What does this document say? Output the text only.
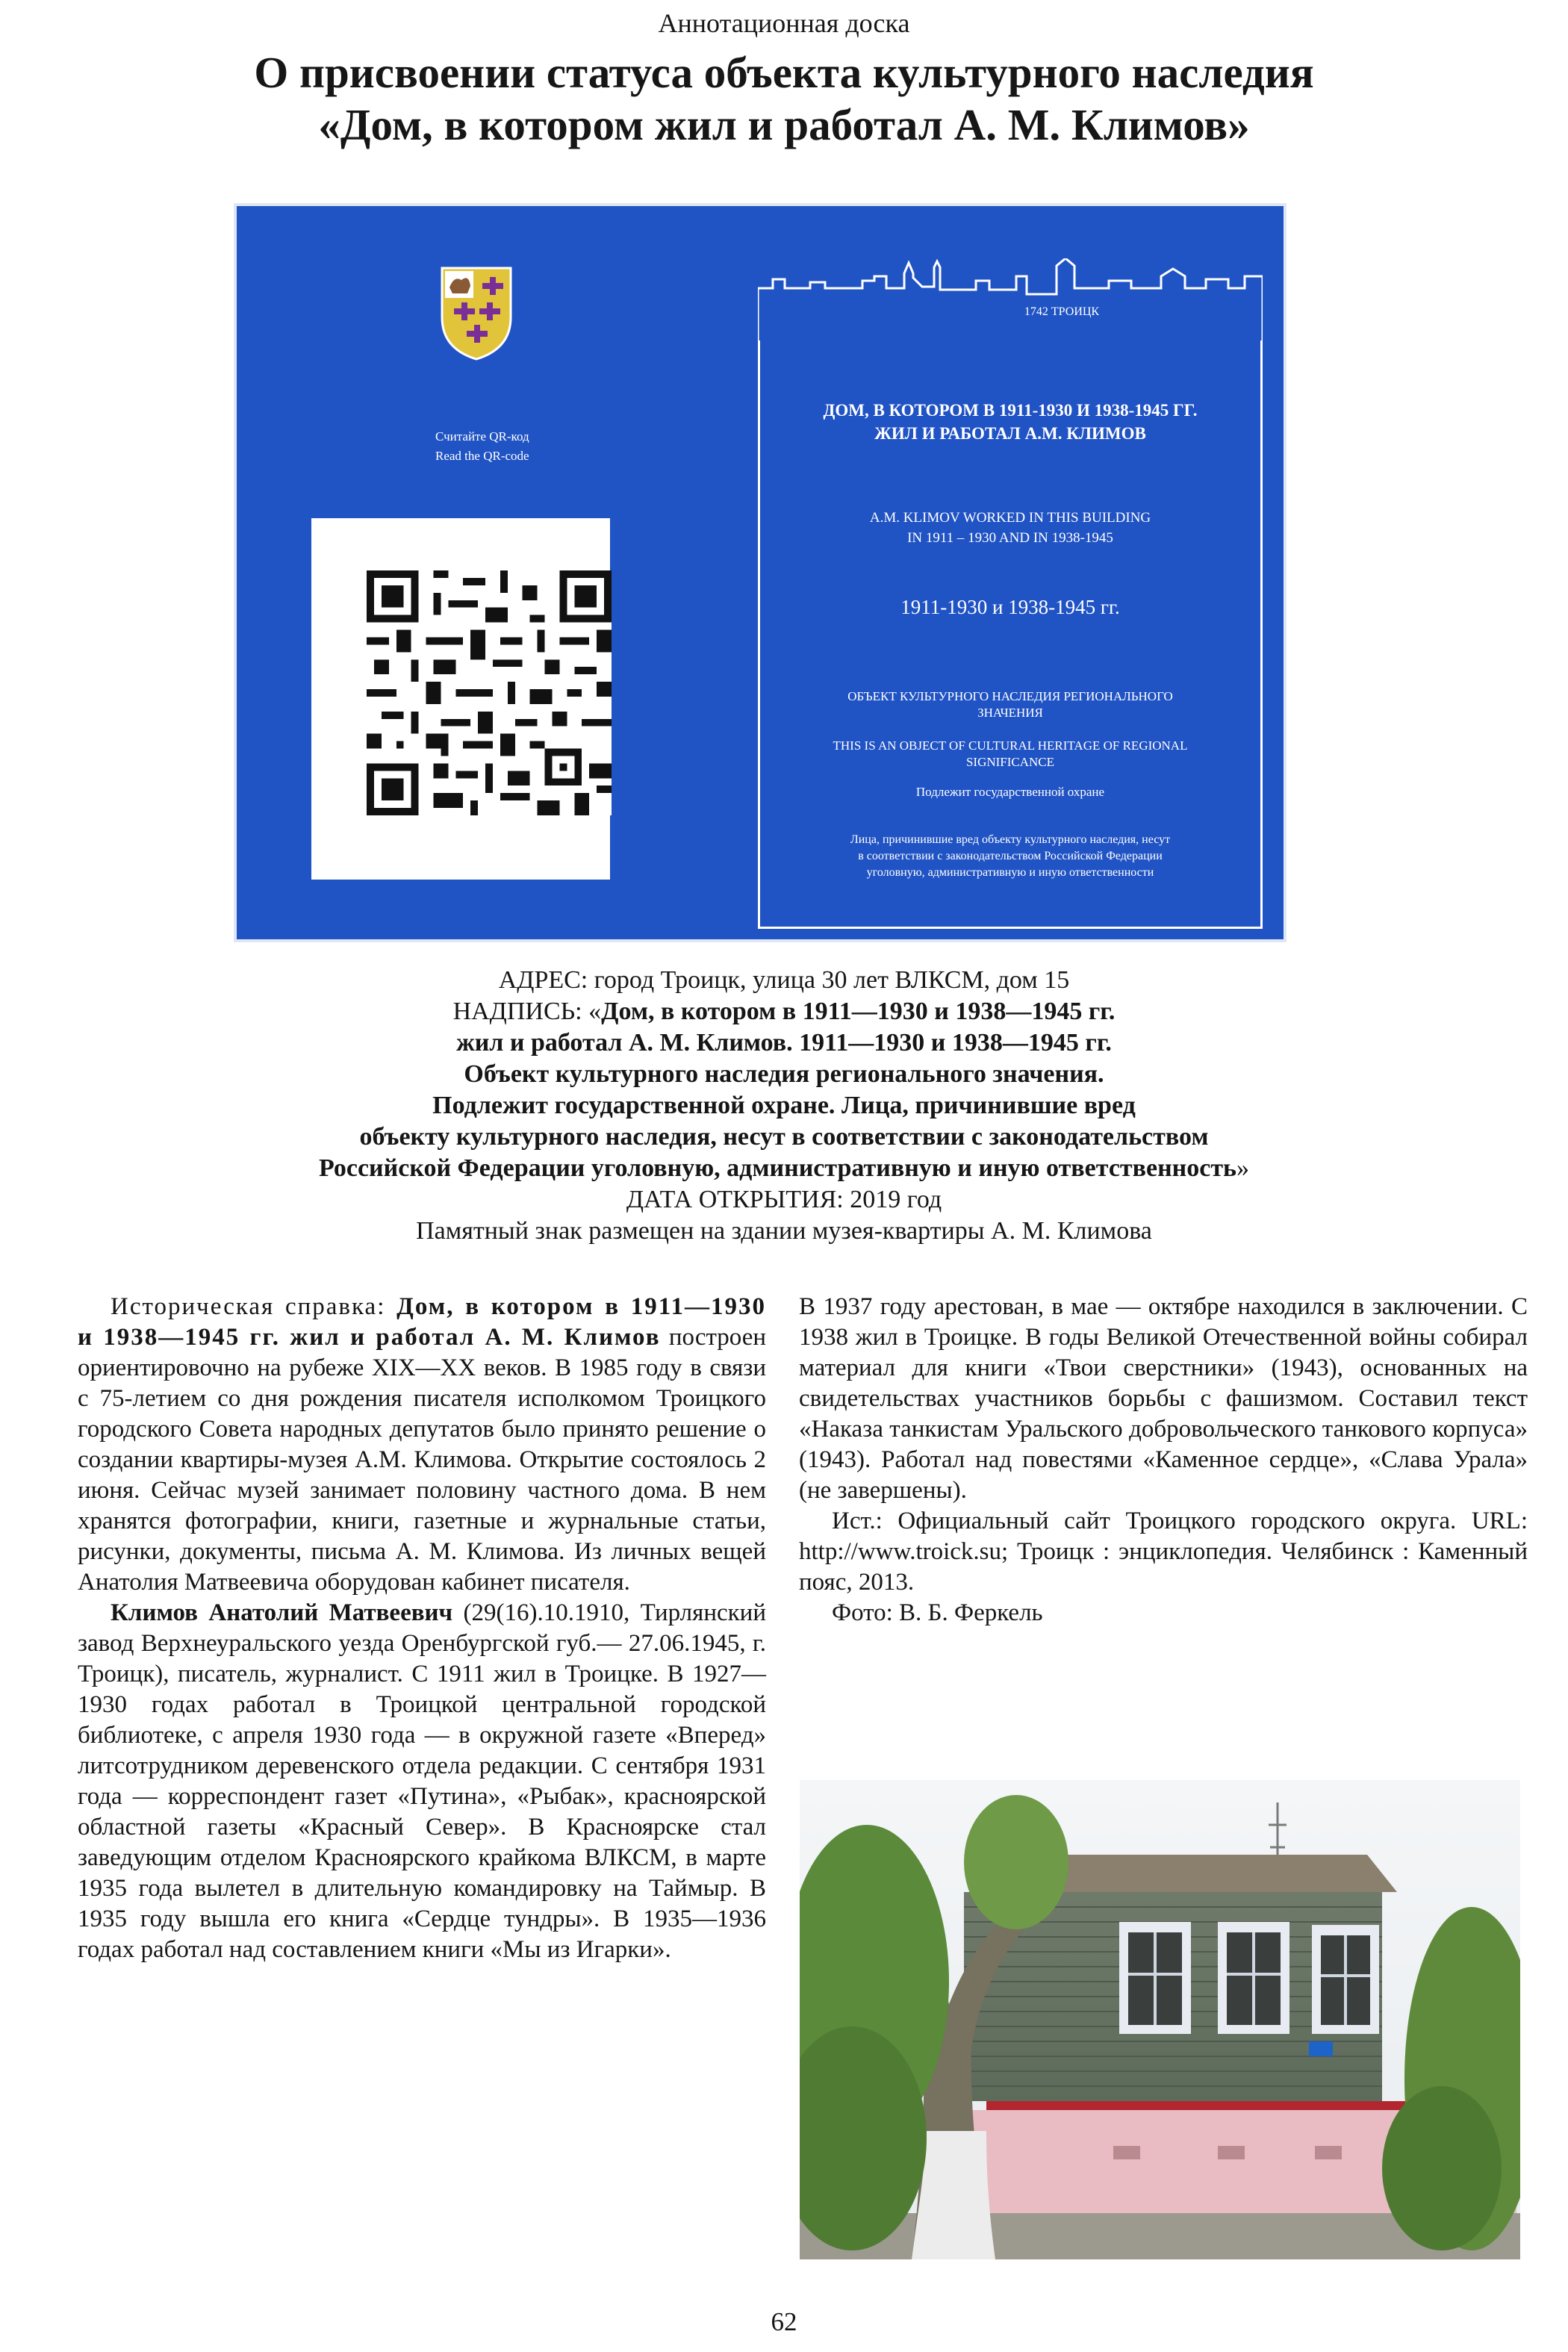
Аннотационная доска
О присвоении статуса объекта культурного наследия
«Дом, в котором жил и работал А. М. Климов»
Считайте QR-код
Read the QR-code
1742 ТРОИЦК
ДОМ, В КОТОРОМ В 1911-1930 И 1938-1945 ГГ.
ЖИЛ И РАБОТАЛ А.М. КЛИМОВ
A.M. KLIMOV WORKED IN THIS BUILDING
IN 1911 – 1930 AND IN 1938-1945
1911-1930 и 1938-1945 гг.
ОБЪЕКТ КУЛЬТУРНОГО НАСЛЕДИЯ РЕГИОНАЛЬНОГО
ЗНАЧЕНИЯ
THIS IS AN OBJECT OF CULTURAL HERITAGE OF REGIONAL
SIGNIFICANCE
Подлежит государственной охране
Лица, причинившие вред объекту культурного наследия, несут
в соответствии с законодательством Российской Федерации
уголовную, административную и иную ответственности
АДРЕС: город Троицк, улица 30 лет ВЛКСМ, дом 15
НАДПИСЬ: «Дом, в котором в 1911—1930 и 1938—1945 гг.
жил и работал А. М. Климов. 1911—1930 и 1938—1945 гг.
Объект культурного наследия регионального значения.
Подлежит государственной охране. Лица, причинившие вред
объекту культурного наследия, несут в соответствии с законодательством
Российской Федерации уголовную, административную и иную ответственность»
ДАТА ОТКРЫТИЯ: 2019 год
Памятный знак размещен на здании музея-квартиры А. М. Климова

Историческая справка: Дом, в котором в 1911—1930 и 1938—1945 гг. жил и работал А. М. Климов построен ориентировочно на рубеже XIX—XX веков. В 1985 году в связи с 75-летием со дня рождения писателя исполкомом Троицкого городского Совета народных депутатов было принято решение о создании квартиры-музея А.М. Климова. Открытие состоялось 2 июня. Сейчас музей занимает половину частного дома. В нем хранятся фотографии, книги, газетные и журнальные статьи, рисунки, документы, письма А. М. Климова. Из личных вещей Анатолия Матвеевича оборудован кабинет писателя.

Климов Анатолий Матвеевич (29(16).10.1910, Тирлянский завод Верхнеуральского уезда Оренбургской губ.— 27.06.1945, г. Троицк), писатель, журналист. С 1911 жил в Троицке. В 1927—1930 годах работал в Троицкой центральной городской библиотеке, с апреля 1930 года — в окружной газете «Вперед» литсотрудником деревенского отдела редакции. С сентября 1931 года — корреспондент газет «Путина», «Рыбак», красноярской областной газеты «Красный Север». В Красноярске стал заведующим отделом Красноярского крайкома ВЛКСМ, в марте 1935 года вылетел в длительную командировку на Таймыр. В 1935 году вышла его книга «Сердце тундры». В 1935—1936 годах работал над составлением книги «Мы из Игарки».

В 1937 году арестован, в мае — октябре находился в заключении. С 1938 жил в Троицке. В годы Великой Отечественной войны собирал материал для книги «Твои сверстники» (1943), основанных на свидетельствах участников борьбы с фашизмом. Составил текст «Наказа танкистам Уральского добровольческого танкового корпуса» (1943). Работал над повестями «Каменное сердце», «Слава Урала» (не завершены).

Ист.: Официальный сайт Троицкого городского округа. URL: http://www.troick.su; Троицк : энциклопедия. Челябинск : Каменный пояс, 2013.

Фото: В. Б. Феркель

62
